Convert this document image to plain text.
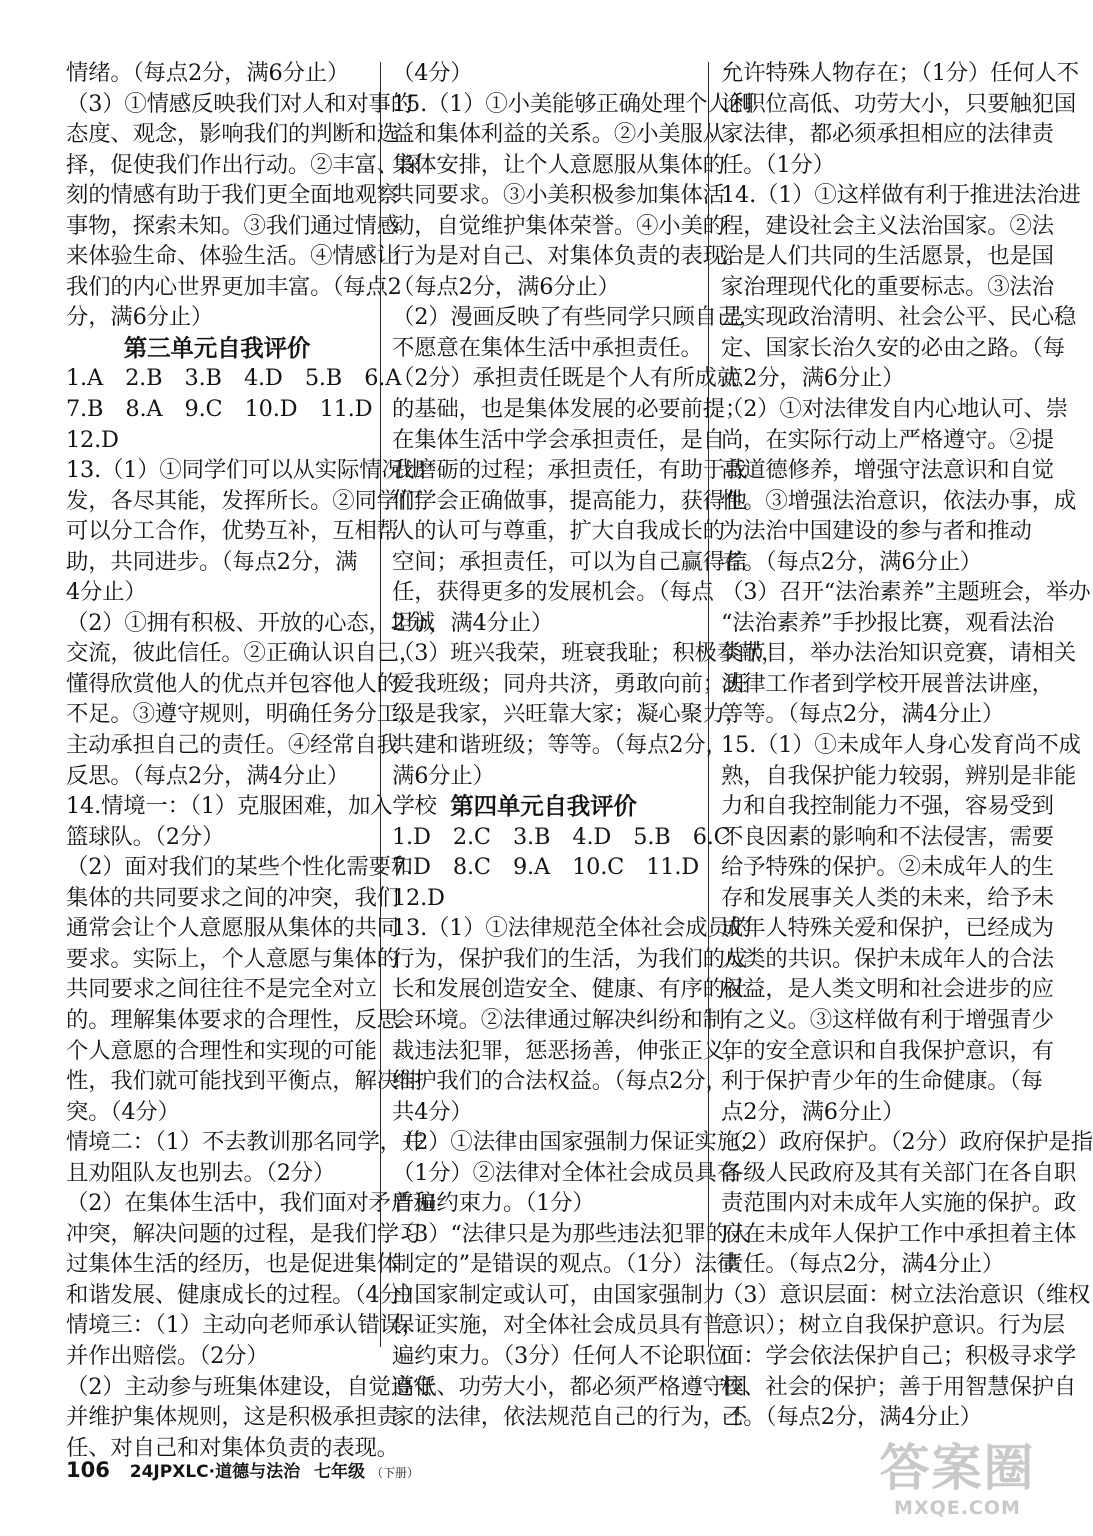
情绪。（每点2分，满6分止）
（3）①情感反映我们对人和对事的
态度、观念，影响我们的判断和选
择，促使我们作出行动。②丰富、深
刻的情感有助于我们更全面地观察
事物，探索未知。③我们通过情感
来体验生命、体验生活。④情感让
我们的内心世界更加丰富。（每点2
分，满6分止）
第三单元自我评价
1.A　2.B　3.B　4.D　5.B　6.A
7.B　8.A　9.C　10.D　11.D
12.D
13.（1）①同学们可以从实际情况出
发，各尽其能，发挥所长。②同学们
可以分工合作，优势互补，互相帮
助，共同进步。（每点2分，满
4分止）
（2）①拥有积极、开放的心态，坦诚
交流，彼此信任。②正确认识自己，
懂得欣赏他人的优点并包容他人的
不足。③遵守规则，明确任务分工，
主动承担自己的责任。④经常自我
反思。（每点2分，满4分止）
14.情境一：（1）克服困难，加入学校
篮球队。（2分）
（2）面对我们的某些个性化需要和
集体的共同要求之间的冲突，我们
通常会让个人意愿服从集体的共同
要求。实际上，个人意愿与集体的
共同要求之间往往不是完全对立
的。理解集体要求的合理性，反思
个人意愿的合理性和实现的可能
性，我们就可能找到平衡点，解决冲
突。（4分）
情境二：（1）不去教训那名同学，并
且劝阻队友也别去。（2分）
（2）在集体生活中，我们面对矛盾和
冲突，解决问题的过程，是我们学习
过集体生活的经历，也是促进集体
和谐发展、健康成长的过程。（4分）
情境三：（1）主动向老师承认错误，
并作出赔偿。（2分）
（2）主动参与班集体建设，自觉遵守
并维护集体规则，这是积极承担责
任、对自己和对集体负责的表现。
（4分）
15.（1）①小美能够正确处理个人利
益和集体利益的关系。②小美服从
集体安排，让个人意愿服从集体的
共同要求。③小美积极参加集体活
动，自觉维护集体荣誉。④小美的
行为是对自己、对集体负责的表现。
（每点2分，满6分止）
（2）漫画反映了有些同学只顾自己，
不愿意在集体生活中承担责任。
（2分）承担责任既是个人有所成就
的基础，也是集体发展的必要前提；
在集体生活中学会承担责任，是自
我磨砺的过程；承担责任，有助于我
们学会正确做事，提高能力，获得他
人的认可与尊重，扩大自我成长的
空间；承担责任，可以为自己赢得信
任，获得更多的发展机会。（每点
2分，满4分止）
（3）班兴我荣，班衰我耻；积极奉献，
爱我班级；同舟共济，勇敢向前；班
级是我家，兴旺靠大家；凝心聚力，
共建和谐班级；等等。（每点2分，
满6分止）
第四单元自我评价
1.D　2.C　3.B　4.D　5.B　6.C
7.D　8.C　9.A　10.C　11.D
12.D
13.（1）①法律规范全体社会成员的
行为，保护我们的生活，为我们的成
长和发展创造安全、健康、有序的社
会环境。②法律通过解决纠纷和制
裁违法犯罪，惩恶扬善，伸张正义，
维护我们的合法权益。（每点2分，
共4分）
（2）①法律由国家强制力保证实施；
（1分）②法律对全体社会成员具有
普遍约束力。（1分）
（3）“法律只是为那些违法犯罪的人
制定的”是错误的观点。（1分）法律
由国家制定或认可，由国家强制力
保证实施，对全体社会成员具有普
遍约束力。（3分）任何人不论职位
高低、功劳大小，都必须严格遵守国
家的法律，依法规范自己的行为，不
允许特殊人物存在；（1分）任何人不
论职位高低、功劳大小，只要触犯国
家法律，都必须承担相应的法律责
任。（1分）
14.（1）①这样做有利于推进法治进
程，建设社会主义法治国家。②法
治是人们共同的生活愿景，也是国
家治理现代化的重要标志。③法治
是实现政治清明、社会公平、民心稳
定、国家长治久安的必由之路。（每
点2分，满6分止）
（2）①对法律发自内心地认可、崇
尚，在实际行动上严格遵守。②提
高道德修养，增强守法意识和自觉
性。③增强法治意识，依法办事，成
为法治中国建设的参与者和推动
者。（每点2分，满6分止）
（3）召开“法治素养”主题班会，举办
“法治素养”手抄报比赛，观看法治
类节目，举办法治知识竞赛，请相关
法律工作者到学校开展普法讲座，
等等。（每点2分，满4分止）
15.（1）①未成年人身心发育尚不成
熟，自我保护能力较弱，辨别是非能
力和自我控制能力不强，容易受到
不良因素的影响和不法侵害，需要
给予特殊的保护。②未成年人的生
存和发展事关人类的未来，给予未
成年人特殊关爱和保护，已经成为
人类的共识。保护未成年人的合法
权益，是人类文明和社会进步的应
有之义。③这样做有利于增强青少
年的安全意识和自我保护意识，有
利于保护青少年的生命健康。（每
点2分，满6分止）
（2）政府保护。（2分）政府保护是指
各级人民政府及其有关部门在各自职
责范围内对未成年人实施的保护。政
府在未成年人保护工作中承担着主体
责任。（每点2分，满4分止）
（3）意识层面：树立法治意识（维权
意识）；树立自我保护意识。行为层
面：学会依法保护自己；积极寻求学
校、社会的保护；善于用智慧保护自
己。（每点2分，满4分止）
106 24JPXLC·道德与法治 七年级 （下册）	答案圈
MXQE.COM
